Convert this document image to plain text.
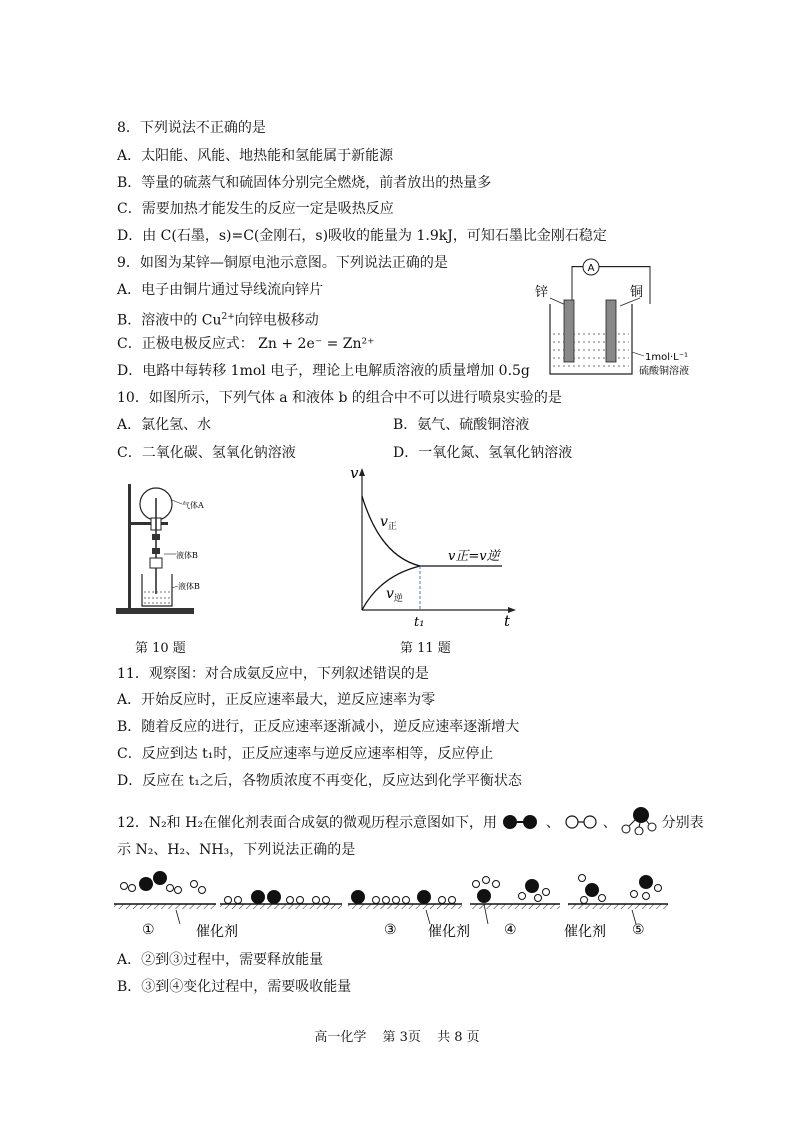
8．下列说法不正确的是
A．太阳能、风能、地热能和氢能属于新能源
B．等量的硫蒸气和硫固体分别完全燃烧，前者放出的热量多
C．需要加热才能发生的反应一定是吸热反应
D．由 C(石墨，s)=C(金刚石，s)吸收的能量为 1.9kJ，可知石墨比金刚石稳定
9．如图为某锌—铜原电池示意图。下列说法正确的是
A．电子由铜片通过导线流向锌片
B．溶液中的 $Cu^{2+}$向锌电极移动
C．正极电极反应式： Zn + 2e⁻ = Zn²⁺
D．电路中每转移 1mol 电子，理论上电解质溶液的质量增加 0.5g
A
锌	铜
1mol·L⁻¹
硫酸铜溶液
10．如图所示，下列气体 a 和液体 b 的组合中不可以进行喷泉实验的是
A．氯化氢、水	B．氨气、硫酸铜溶液
C．二氧化碳、氢氧化钠溶液	D．一氧化氮、氢氧化钠溶液
气体A
液体B
液体B
第 10 题
v
t
$v_正$
$v_逆$
v正=v逆
t₁
第 11 题
11．观察图：对合成氨反应中，下列叙述错误的是
A．开始反应时，正反应速率最大，逆反应速率为零
B．随着反应的进行，正反应速率逐渐减小，逆反应速率逐渐增大
C．反应到达 t₁时，正反应速率与逆反应速率相等，反应停止
D．反应在 t₁之后，各物质浓度不再变化，反应达到化学平衡状态
12．N₂和 H₂在催化剂表面合成氨的微观历程示意图如下，用	、	、	分别表
示 N₂、H₂、NH₃，下列说法正确的是
①	催化剂	③ 催化剂 ④	催化剂 ⑤
A．②到③过程中，需要释放能量
B．③到④变化过程中，需要吸收能量
高一化学 第 3页 共 8 页
